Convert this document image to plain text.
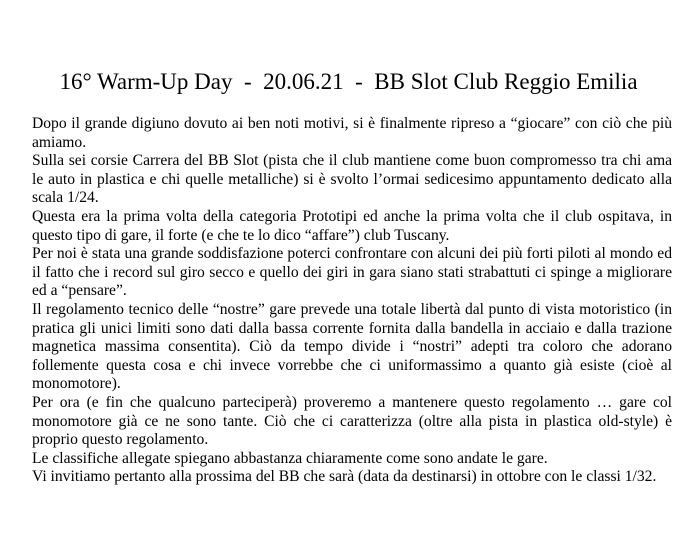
16° Warm-Up Day  -  20.06.21  -  BB Slot Club Reggio Emilia

Dopo il grande digiuno dovuto ai ben noti motivi, si è finalmente ripreso a “giocare” con ciò che più amiamo.

Sulla sei corsie Carrera del BB Slot (pista che il club mantiene come buon compromesso tra chi ama le auto in plastica e chi quelle metalliche) si è svolto l’ormai sedicesimo appuntamento dedicato alla scala 1/24.

Questa era la prima volta della categoria Prototipi ed anche la prima volta che il club ospitava, in questo tipo di gare, il forte (e che te lo dico “affare”) club Tuscany.

Per noi è stata una grande soddisfazione poterci confrontare con alcuni dei più forti piloti al mondo ed il fatto che i record sul giro secco e quello dei giri in gara siano stati strabattuti ci spinge a migliorare ed a “pensare”.

Il regolamento tecnico delle “nostre” gare prevede una totale libertà dal punto di vista motoristico (in pratica gli unici limiti sono dati dalla bassa corrente fornita dalla bandella in acciaio e dalla trazione magnetica massima consentita). Ciò da tempo divide i “nostri” adepti tra coloro che adorano follemente questa cosa e chi invece vorrebbe che ci uniformassimo a quanto già esiste (cioè al monomotore).

Per ora (e fin che qualcuno parteciperà) proveremo a mantenere questo regolamento … gare col monomotore già ce ne sono tante. Ciò che ci caratterizza (oltre alla pista in plastica old-style) è proprio questo regolamento.

Le classifiche allegate spiegano abbastanza chiaramente come sono andate le gare.

Vi invitiamo pertanto alla prossima del BB che sarà (data da destinarsi) in ottobre con le classi 1/32.
